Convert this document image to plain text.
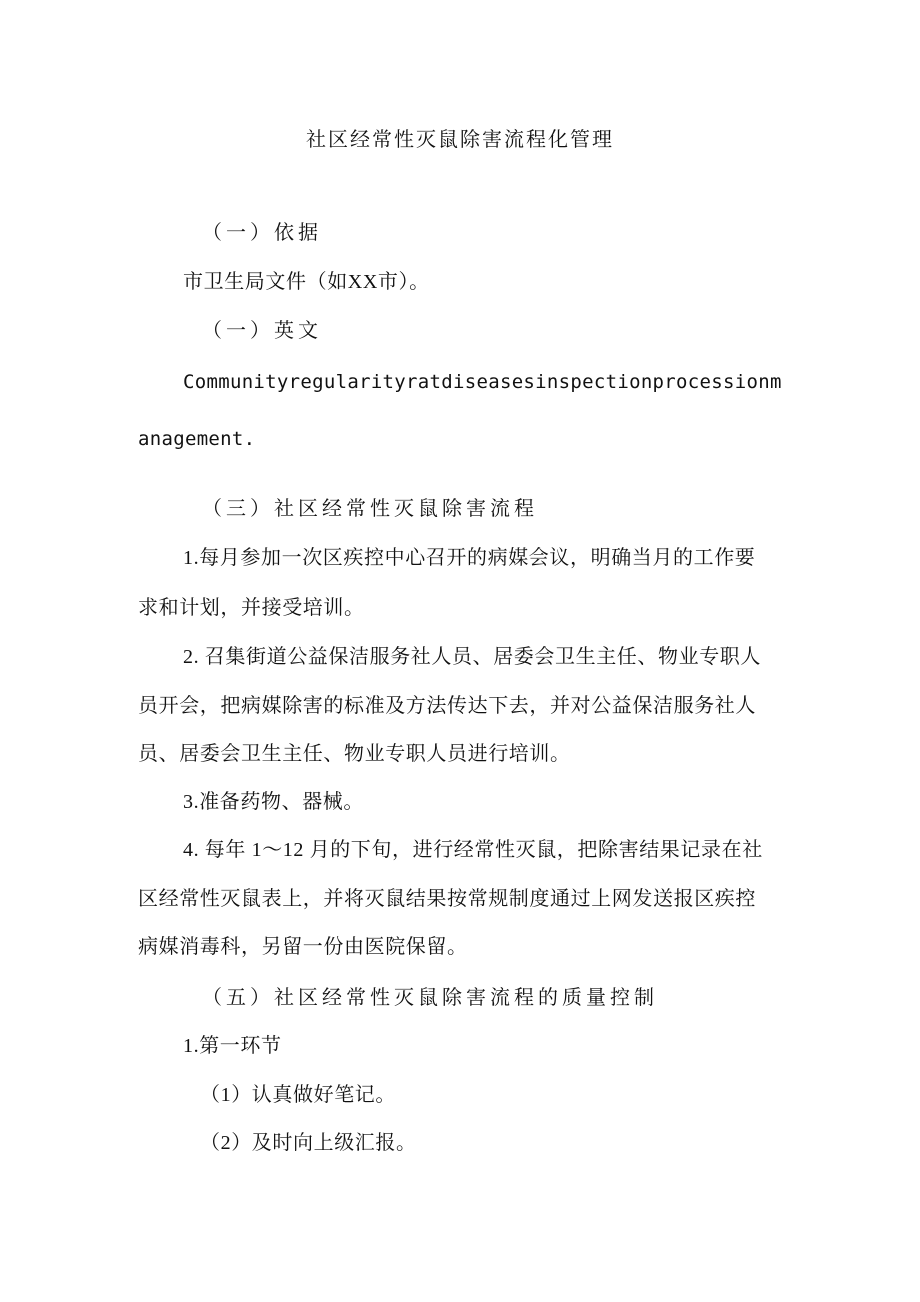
社区经常性灭鼠除害流程化管理
（一）依据
市卫生局文件（如XX市）。
（一）英文
Communityregularityratdiseasesinspectionprocessionm
anagement.
（三）社区经常性灭鼠除害流程
1.每月参加一次区疾控中心召开的病媒会议，明确当月的工作要
求和计划，并接受培训。
2. 召集街道公益保洁服务社人员、居委会卫生主任、物业专职人
员开会，把病媒除害的标准及方法传达下去，并对公益保洁服务社人
员、居委会卫生主任、物业专职人员进行培训。
3.准备药物、器械。
4. 每年 1～12 月的下旬，进行经常性灭鼠，把除害结果记录在社
区经常性灭鼠表上，并将灭鼠结果按常规制度通过上网发送报区疾控
病媒消毒科，另留一份由医院保留。
（五）社区经常性灭鼠除害流程的质量控制
1.第一环节
（1）认真做好笔记。
（2）及时向上级汇报。
